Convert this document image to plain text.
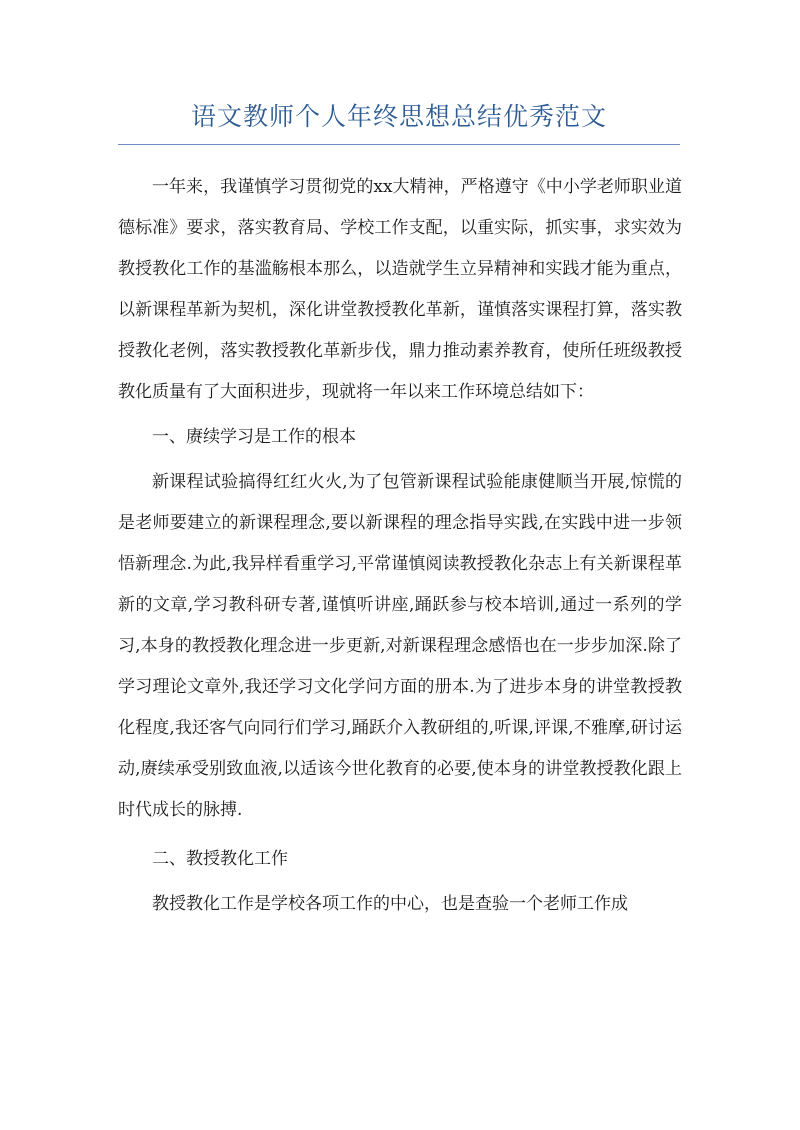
语文教师个人年终思想总结优秀范文

一年来，我谨慎学习贯彻党的xx大精神，严格遵守《中小学老师职业道德标准》要求，落实教育局、学校工作支配，以重实际，抓实事，求实效为教授教化工作的基滥觞根本那么，以造就学生立异精神和实践才能为重点，以新课程革新为契机，深化讲堂教授教化革新，谨慎落实课程打算，落实教授教化老例，落实教授教化革新步伐，鼎力推动素养教育，使所任班级教授教化质量有了大面积进步，现就将一年以来工作环境总结如下：

一、赓续学习是工作的根本

新课程试验搞得红红火火,为了包管新课程试验能康健顺当开展,惊慌的是老师要建立的新课程理念,要以新课程的理念指导实践,在实践中进一步领悟新理念.为此,我异样看重学习,平常谨慎阅读教授教化杂志上有关新课程革新的文章,学习教科研专著,谨慎听讲座,踊跃参与校本培训,通过一系列的学习,本身的教授教化理念进一步更新,对新课程理念感悟也在一步步加深.除了学习理论文章外,我还学习文化学问方面的册本.为了进步本身的讲堂教授教化程度,我还客气向同行们学习,踊跃介入教研组的,听课,评课,不雅摩,研讨运动,赓续承受别致血液,以适该今世化教育的必要,使本身的讲堂教授教化跟上时代成长的脉搏.

二、教授教化工作

教授教化工作是学校各项工作的中心，也是查验一个老师工作成
